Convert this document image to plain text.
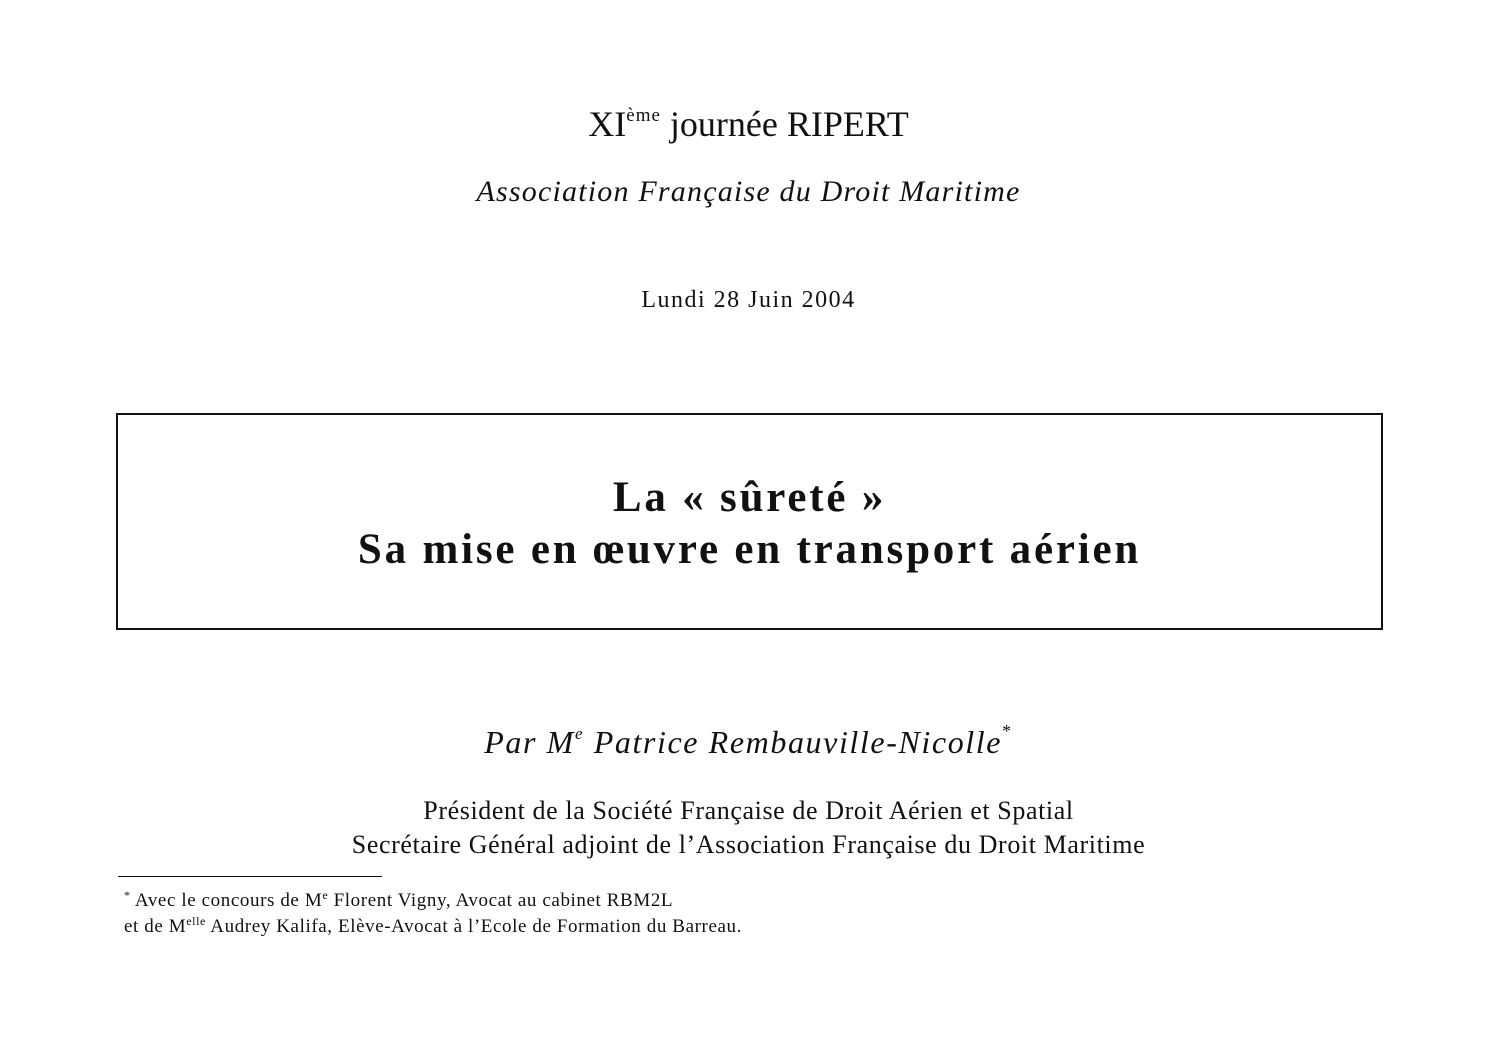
XIème journée RIPERT
Association Française du Droit Maritime
Lundi 28 Juin 2004
La « sûreté »
Sa mise en œuvre en transport aérien
Par Me Patrice Rembauville-Nicolle*
Président de la Société Française de Droit Aérien et Spatial
Secrétaire Général adjoint de l’Association Française du Droit Maritime
* Avec le concours de Me Florent Vigny, Avocat au cabinet RBM2L
et de $M^{elle}$ Audrey Kalifa, Elève-Avocat à l’Ecole de Formation du Barreau.
